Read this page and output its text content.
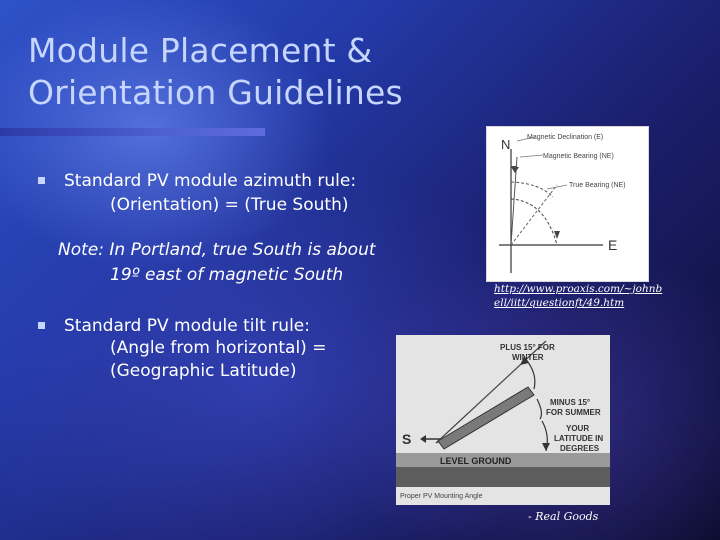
Module Placement &
Orientation Guidelines
Standard PV module azimuth rule:
(Orientation) = (True South)
Note: In Portland, true South is about
19º east of magnetic South
Standard PV module tilt rule:
(Angle from horizontal) =
(Geographic Latitude)
N
E
Magnetic Declination (E)
Magnetic Bearing (NE)
True Bearing (NE)
http://www.proaxis.com/~johnbell/iitt/questionft/49.htm
PLUS 15° FOR
WINTER
MINUS 15°
FOR SUMMER
YOUR
LATITUDE IN
DEGREES
S
LEVEL GROUND
Proper PV Mounting Angle
- Real Goods
